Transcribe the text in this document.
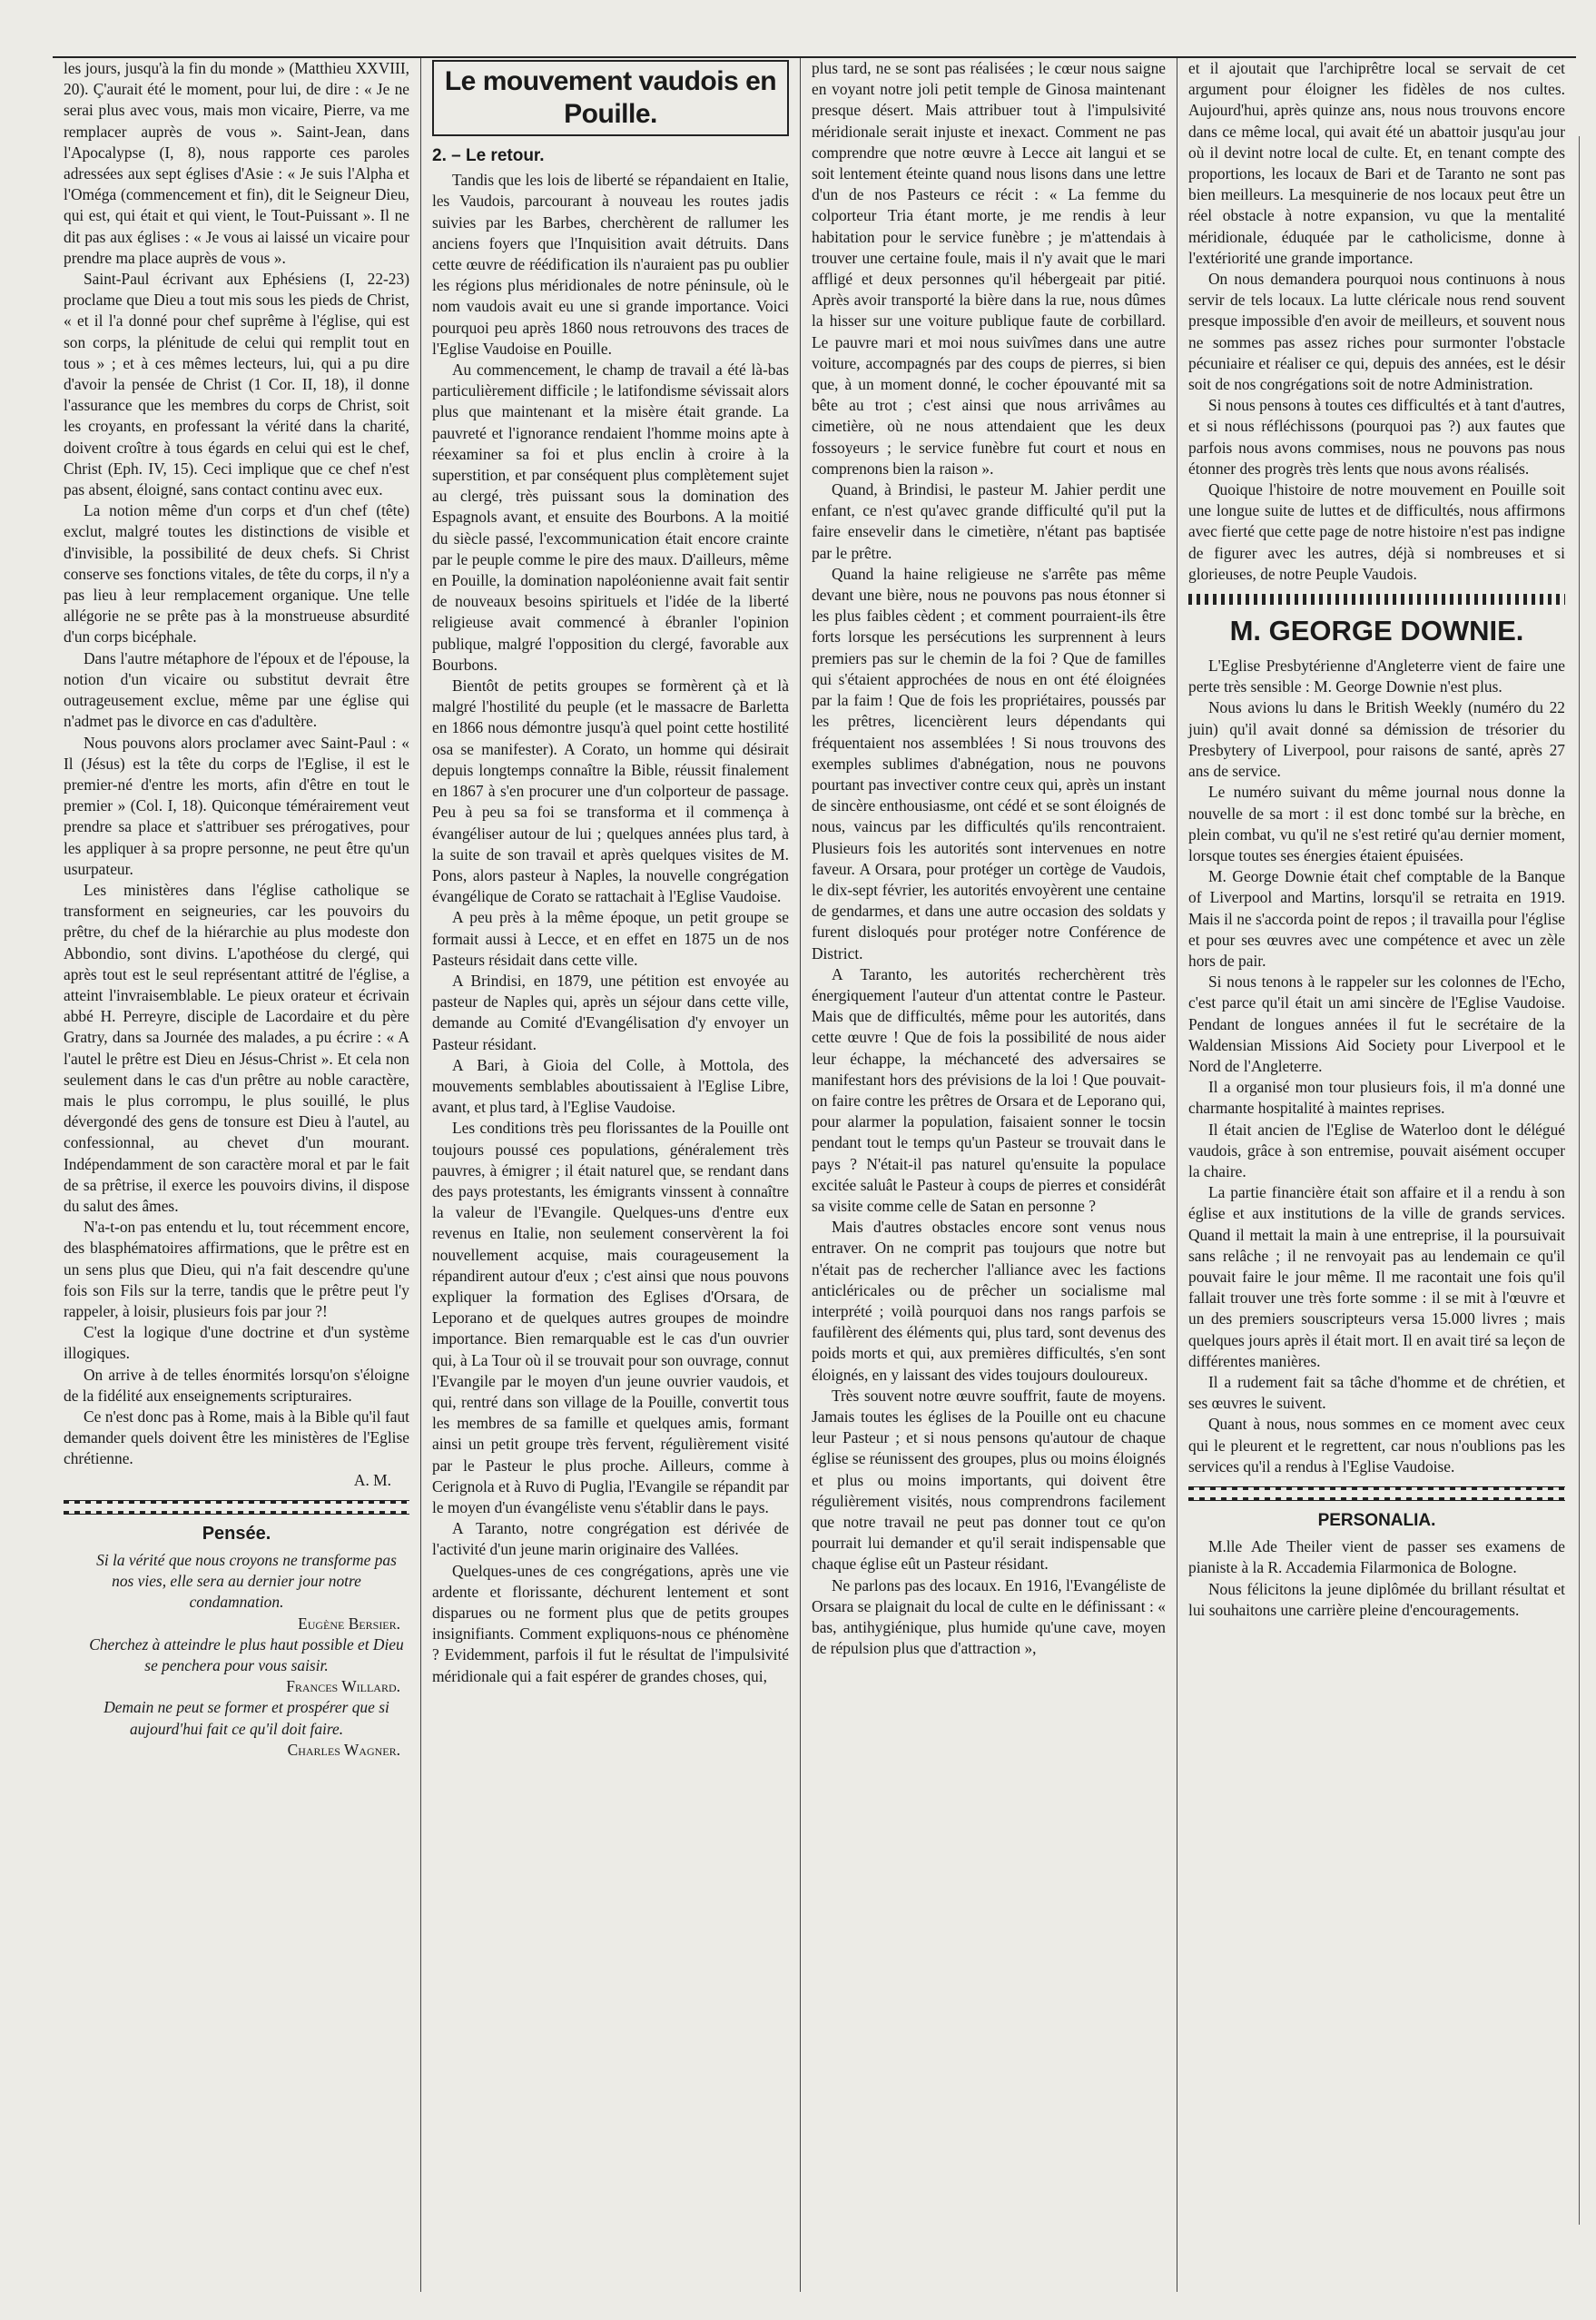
les jours, jusqu'à la fin du monde » (Matthieu XXVIII, 20). Ç'aurait été le moment, pour lui, de dire : « Je ne serai plus avec vous, mais mon vicaire, Pierre, va me remplacer auprès de vous ». Saint-Jean, dans l'Apocalypse (I, 8), nous rapporte ces paroles adressées aux sept églises d'Asie : « Je suis l'Alpha et l'Oméga (commencement et fin), dit le Seigneur Dieu, qui est, qui était et qui vient, le Tout-Puissant ». Il ne dit pas aux églises : « Je vous ai laissé un vicaire pour prendre ma place auprès de vous ».

Saint-Paul écrivant aux Ephésiens (I, 22-23) proclame que Dieu a tout mis sous les pieds de Christ, « et il l'a donné pour chef suprême à l'église, qui est son corps, la plénitude de celui qui remplit tout en tous » ; et à ces mêmes lecteurs, lui, qui a pu dire d'avoir la pensée de Christ (1 Cor. II, 18), il donne l'assurance que les membres du corps de Christ, soit les croyants, en professant la vérité dans la charité, doivent croître à tous égards en celui qui est le chef, Christ (Eph. IV, 15). Ceci implique que ce chef n'est pas absent, éloigné, sans contact continu avec eux.

La notion même d'un corps et d'un chef (tête) exclut, malgré toutes les distinctions de visible et d'invisible, la possibilité de deux chefs. Si Christ conserve ses fonctions vitales, de tête du corps, il n'y a pas lieu à leur remplacement organique. Une telle allégorie ne se prête pas à la monstrueuse absurdité d'un corps bicéphale.

Dans l'autre métaphore de l'époux et de l'épouse, la notion d'un vicaire ou substitut devrait être outrageusement exclue, même par une église qui n'admet pas le divorce en cas d'adultère.

Nous pouvons alors proclamer avec Saint-Paul : « Il (Jésus) est la tête du corps de l'Eglise, il est le premier-né d'entre les morts, afin d'être en tout le premier » (Col. I, 18). Quiconque témérairement veut prendre sa place et s'attribuer ses prérogatives, pour les appliquer à sa propre personne, ne peut être qu'un usurpateur.

Les ministères dans l'église catholique se transforment en seigneuries, car les pouvoirs du prêtre, du chef de la hiérarchie au plus modeste don Abbondio, sont divins. L'apothéose du clergé, qui après tout est le seul représentant attitré de l'église, a atteint l'invraisemblable. Le pieux orateur et écrivain abbé H. Perreyre, disciple de Lacordaire et du père Gratry, dans sa Journée des malades, a pu écrire : « A l'autel le prêtre est Dieu en Jésus-Christ ». Et cela non seulement dans le cas d'un prêtre au noble caractère, mais le plus corrompu, le plus souillé, le plus dévergondé des gens de tonsure est Dieu à l'autel, au confessionnal, au chevet d'un mourant. Indépendamment de son caractère moral et par le fait de sa prêtrise, il exerce les pouvoirs divins, il dispose du salut des âmes.

N'a-t-on pas entendu et lu, tout récemment encore, des blasphématoires affirmations, que le prêtre est en un sens plus que Dieu, qui n'a fait descendre qu'une fois son Fils sur la terre, tandis que le prêtre peut l'y rappeler, à loisir, plusieurs fois par jour ?!

C'est la logique d'une doctrine et d'un système illogiques.

On arrive à de telles énormités lorsqu'on s'éloigne de la fidélité aux enseignements scripturaires.

Ce n'est donc pas à Rome, mais à la Bible qu'il faut demander quels doivent être les ministères de l'Eglise chrétienne.

A. M.

Pensée.

Si la vérité que nous croyons ne transforme pas nos vies, elle sera au dernier jour notre condamnation.

Eugène Bersier.

Cherchez à atteindre le plus haut possible et Dieu se penchera pour vous saisir.

Frances Willard.

Demain ne peut se former et prospérer que si aujourd'hui fait ce qu'il doit faire.

Charles Wagner.

Le mouvement vaudois en Pouille.
2. – Le retour.

Tandis que les lois de liberté se répandaient en Italie, les Vaudois, parcourant à nouveau les routes jadis suivies par les Barbes, cherchèrent de rallumer les anciens foyers que l'Inquisition avait détruits. Dans cette œuvre de réédification ils n'auraient pas pu oublier les régions plus méridionales de notre péninsule, où le nom vaudois avait eu une si grande importance. Voici pourquoi peu après 1860 nous retrouvons des traces de l'Eglise Vaudoise en Pouille.

Au commencement, le champ de travail a été là-bas particulièrement difficile ; le latifondisme sévissait alors plus que maintenant et la misère était grande. La pauvreté et l'ignorance rendaient l'homme moins apte à réexaminer sa foi et plus enclin à croire à la superstition, et par conséquent plus complètement sujet au clergé, très puissant sous la domination des Espagnols avant, et ensuite des Bourbons. A la moitié du siècle passé, l'excommunication était encore crainte par le peuple comme le pire des maux. D'ailleurs, même en Pouille, la domination napoléonienne avait fait sentir de nouveaux besoins spirituels et l'idée de la liberté religieuse avait commencé à ébranler l'opinion publique, malgré l'opposition du clergé, favorable aux Bourbons.

Bientôt de petits groupes se formèrent çà et là malgré l'hostilité du peuple (et le massacre de Barletta en 1866 nous démontre jusqu'à quel point cette hostilité osa se manifester). A Corato, un homme qui désirait depuis longtemps connaître la Bible, réussit finalement en 1867 à s'en procurer une d'un colporteur de passage. Peu à peu sa foi se transforma et il commença à évangéliser autour de lui ; quelques années plus tard, à la suite de son travail et après quelques visites de M. Pons, alors pasteur à Naples, la nouvelle congrégation évangélique de Corato se rattachait à l'Eglise Vaudoise.

A peu près à la même époque, un petit groupe se formait aussi à Lecce, et en effet en 1875 un de nos Pasteurs résidait dans cette ville.

A Brindisi, en 1879, une pétition est envoyée au pasteur de Naples qui, après un séjour dans cette ville, demande au Comité d'Evangélisation d'y envoyer un Pasteur résidant.

A Bari, à Gioia del Colle, à Mottola, des mouvements semblables aboutissaient à l'Eglise Libre, avant, et plus tard, à l'Eglise Vaudoise.

Les conditions très peu florissantes de la Pouille ont toujours poussé ces populations, généralement très pauvres, à émigrer ; il était naturel que, se rendant dans des pays protestants, les émigrants vinssent à connaître la valeur de l'Evangile. Quelques-uns d'entre eux revenus en Italie, non seulement conservèrent la foi nouvellement acquise, mais courageusement la répandirent autour d'eux ; c'est ainsi que nous pouvons expliquer la formation des Eglises d'Orsara, de Leporano et de quelques autres groupes de moindre importance. Bien remarquable est le cas d'un ouvrier qui, à La Tour où il se trouvait pour son ouvrage, connut l'Evangile par le moyen d'un jeune ouvrier vaudois, et qui, rentré dans son village de la Pouille, convertit tous les membres de sa famille et quelques amis, formant ainsi un petit groupe très fervent, régulièrement visité par le Pasteur le plus proche. Ailleurs, comme à Cerignola et à Ruvo di Puglia, l'Evangile se répandit par le moyen d'un évangéliste venu s'établir dans le pays.

A Taranto, notre congrégation est dérivée de l'activité d'un jeune marin originaire des Vallées.

Quelques-unes de ces congrégations, après une vie ardente et florissante, déchurent lentement et sont disparues ou ne forment plus que de petits groupes insignifiants. Comment expliquons-nous ce phénomène ? Evidemment, parfois il fut le résultat de l'impulsivité méridionale qui a fait espérer de grandes choses, qui,

plus tard, ne se sont pas réalisées ; le cœur nous saigne en voyant notre joli petit temple de Ginosa maintenant presque désert. Mais attribuer tout à l'impulsivité méridionale serait injuste et inexact. Comment ne pas comprendre que notre œuvre à Lecce ait langui et se soit lentement éteinte quand nous lisons dans une lettre d'un de nos Pasteurs ce récit : « La femme du colporteur Tria étant morte, je me rendis à leur habitation pour le service funèbre ; je m'attendais à trouver une certaine foule, mais il n'y avait que le mari affligé et deux personnes qu'il hébergeait par pitié. Après avoir transporté la bière dans la rue, nous dûmes la hisser sur une voiture publique faute de corbillard. Le pauvre mari et moi nous suivîmes dans une autre voiture, accompagnés par des coups de pierres, si bien que, à un moment donné, le cocher épouvanté mit sa bête au trot ; c'est ainsi que nous arrivâmes au cimetière, où ne nous attendaient que les deux fossoyeurs ; le service funèbre fut court et nous en comprenons bien la raison ».

Quand, à Brindisi, le pasteur M. Jahier perdit une enfant, ce n'est qu'avec grande difficulté qu'il put la faire ensevelir dans le cimetière, n'étant pas baptisée par le prêtre.

Quand la haine religieuse ne s'arrête pas même devant une bière, nous ne pouvons pas nous étonner si les plus faibles cèdent ; et comment pourraient-ils être forts lorsque les persécutions les surprennent à leurs premiers pas sur le chemin de la foi ? Que de familles qui s'étaient approchées de nous en ont été éloignées par la faim ! Que de fois les propriétaires, poussés par les prêtres, licencièrent leurs dépendants qui fréquentaient nos assemblées ! Si nous trouvons des exemples sublimes d'abnégation, nous ne pouvons pourtant pas invectiver contre ceux qui, après un instant de sincère enthousiasme, ont cédé et se sont éloignés de nous, vaincus par les difficultés qu'ils rencontraient. Plusieurs fois les autorités sont intervenues en notre faveur. A Orsara, pour protéger un cortège de Vaudois, le dix-sept février, les autorités envoyèrent une centaine de gendarmes, et dans une autre occasion des soldats y furent disloqués pour protéger notre Conférence de District.

A Taranto, les autorités recherchèrent très énergiquement l'auteur d'un attentat contre le Pasteur. Mais que de difficultés, même pour les autorités, dans cette œuvre ! Que de fois la possibilité de nous aider leur échappe, la méchanceté des adversaires se manifestant hors des prévisions de la loi ! Que pouvait-on faire contre les prêtres de Orsara et de Leporano qui, pour alarmer la population, faisaient sonner le tocsin pendant tout le temps qu'un Pasteur se trouvait dans le pays ? N'était-il pas naturel qu'ensuite la populace excitée saluât le Pasteur à coups de pierres et considérât sa visite comme celle de Satan en personne ?

Mais d'autres obstacles encore sont venus nous entraver. On ne comprit pas toujours que notre but n'était pas de rechercher l'alliance avec les factions anticléricales ou de prêcher un socialisme mal interprété ; voilà pourquoi dans nos rangs parfois se faufilèrent des éléments qui, plus tard, sont devenus des poids morts et qui, aux premières difficultés, s'en sont éloignés, en y laissant des vides toujours douloureux.

Très souvent notre œuvre souffrit, faute de moyens. Jamais toutes les églises de la Pouille ont eu chacune leur Pasteur ; et si nous pensons qu'autour de chaque église se réunissent des groupes, plus ou moins éloignés et plus ou moins importants, qui doivent être régulièrement visités, nous comprendrons facilement que notre travail ne peut pas donner tout ce qu'on pourrait lui demander et qu'il serait indispensable que chaque église eût un Pasteur résidant.

Ne parlons pas des locaux. En 1916, l'Evangéliste de Orsara se plaignait du local de culte en le définissant : « bas, antihygiénique, plus humide qu'une cave, moyen de répulsion plus que d'attraction »,

et il ajoutait que l'archiprêtre local se servait de cet argument pour éloigner les fidèles de nos cultes. Aujourd'hui, après quinze ans, nous nous trouvons encore dans ce même local, qui avait été un abattoir jusqu'au jour où il devint notre local de culte. Et, en tenant compte des proportions, les locaux de Bari et de Taranto ne sont pas bien meilleurs. La mesquinerie de nos locaux peut être un réel obstacle à notre expansion, vu que la mentalité méridionale, éduquée par le catholicisme, donne à l'extériorité une grande importance.

On nous demandera pourquoi nous continuons à nous servir de tels locaux. La lutte cléricale nous rend souvent presque impossible d'en avoir de meilleurs, et souvent nous ne sommes pas assez riches pour surmonter l'obstacle pécuniaire et réaliser ce qui, depuis des années, est le désir soit de nos congrégations soit de notre Administration.

Si nous pensons à toutes ces difficultés et à tant d'autres, et si nous réfléchissons (pourquoi pas ?) aux fautes que parfois nous avons commises, nous ne pouvons pas nous étonner des progrès très lents que nous avons réalisés.

Quoique l'histoire de notre mouvement en Pouille soit une longue suite de luttes et de difficultés, nous affirmons avec fierté que cette page de notre histoire n'est pas indigne de figurer avec les autres, déjà si nombreuses et si glorieuses, de notre Peuple Vaudois.

M. GEORGE DOWNIE.

L'Eglise Presbytérienne d'Angleterre vient de faire une perte très sensible : M. George Downie n'est plus.

Nous avions lu dans le British Weekly (numéro du 22 juin) qu'il avait donné sa démission de trésorier du Presbytery of Liverpool, pour raisons de santé, après 27 ans de service.

Le numéro suivant du même journal nous donne la nouvelle de sa mort : il est donc tombé sur la brèche, en plein combat, vu qu'il ne s'est retiré qu'au dernier moment, lorsque toutes ses énergies étaient épuisées.

M. George Downie était chef comptable de la Banque of Liverpool and Martins, lorsqu'il se retraita en 1919. Mais il ne s'accorda point de repos ; il travailla pour l'église et pour ses œuvres avec une compétence et avec un zèle hors de pair.

Si nous tenons à le rappeler sur les colonnes de l'Echo, c'est parce qu'il était un ami sincère de l'Eglise Vaudoise. Pendant de longues années il fut le secrétaire de la Waldensian Missions Aid Society pour Liverpool et le Nord de l'Angleterre.

Il a organisé mon tour plusieurs fois, il m'a donné une charmante hospitalité à maintes reprises.

Il était ancien de l'Eglise de Waterloo dont le délégué vaudois, grâce à son entremise, pouvait aisément occuper la chaire.

La partie financière était son affaire et il a rendu à son église et aux institutions de la ville de grands services. Quand il mettait la main à une entreprise, il la poursuivait sans relâche ; il ne renvoyait pas au lendemain ce qu'il pouvait faire le jour même. Il me racontait une fois qu'il fallait trouver une très forte somme : il se mit à l'œuvre et un des premiers souscripteurs versa 15.000 livres ; mais quelques jours après il était mort. Il en avait tiré sa leçon de différentes manières.

Il a rudement fait sa tâche d'homme et de chrétien, et ses œuvres le suivent.

Quant à nous, nous sommes en ce moment avec ceux qui le pleurent et le regrettent, car nous n'oublions pas les services qu'il a rendus à l'Eglise Vaudoise.

PERSONALIA.

M.lle Ade Theiler vient de passer ses examens de pianiste à la R. Accademia Filarmonica de Bologne.

Nous félicitons la jeune diplômée du brillant résultat et lui souhaitons une carrière pleine d'encouragements.
